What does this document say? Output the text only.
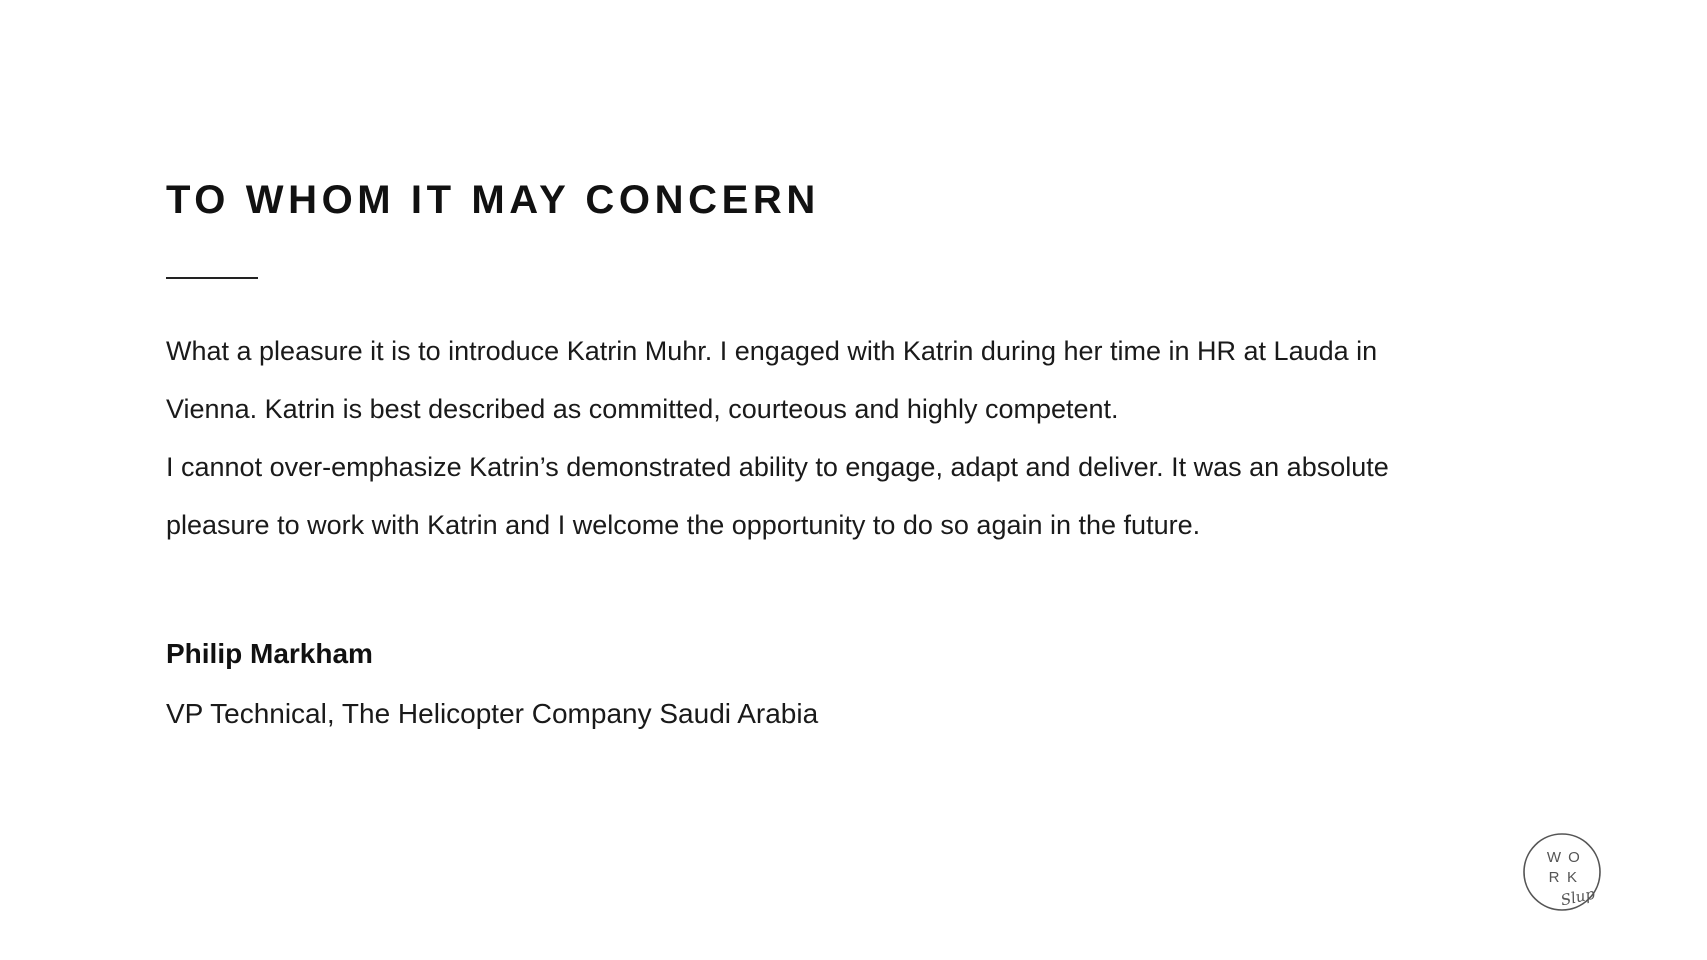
TO WHOM IT MAY CONCERN

What a pleasure it is to introduce Katrin Muhr. I engaged with Katrin during her time in HR at Lauda in Vienna. Katrin is best described as committed, courteous and highly competent.

I cannot over-emphasize Katrin’s demonstrated ability to engage, adapt and deliver. It was an absolute pleasure to work with Katrin and I welcome the opportunity to do so again in the future.

Philip Markham
VP Technical, The Helicopter Company Saudi Arabia
W O
R K
Slup
